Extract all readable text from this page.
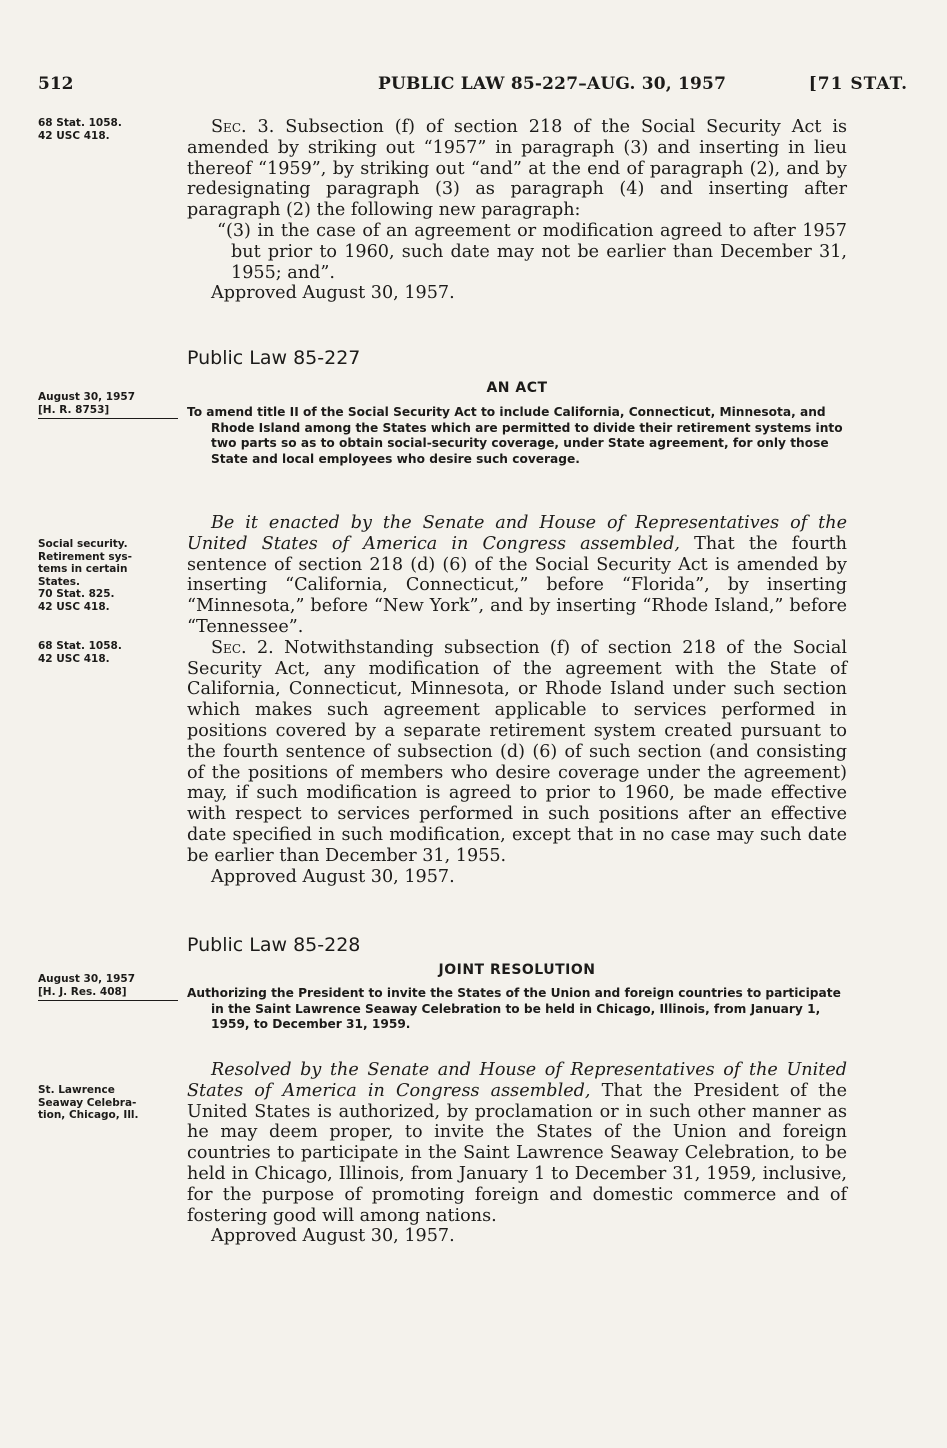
512	PUBLIC LAW 85-227–AUG. 30, 1957	[71 STAT.
68 Stat. 1058.
42 USC 418.	Sec. 3. Subsection (f) of section 218 of the Social Security Act is amended by striking out “1957” in paragraph (3) and inserting in lieu thereof “1959”, by striking out “and” at the end of paragraph (2), and by redesignating paragraph (3) as paragraph (4) and inserting after paragraph (2) the following new paragraph:

“(3) in the case of an agreement or modification agreed to after 1957 but prior to 1960, such date may not be earlier than December 31, 1955; and”.

Approved August 30, 1957.

Public Law 85-227
AN ACT
August 30, 1957
[H. R. 8753]	To amend title II of the Social Security Act to include California, Connecticut, Minnesota, and Rhode Island among the States which are permitted to divide their retirement systems into two parts so as to obtain social-security coverage, under State agreement, for only those State and local employees who desire such coverage.
Social security.
Retirement sys-
tems in certain
States.
70 Stat. 825.
42 USC 418.

Be it enacted by the Senate and House of Representatives of the United States of America in Congress assembled, That the fourth sentence of section 218 (d) (6) of the Social Security Act is amended by inserting “California, Connecticut,” before “Florida”, by inserting “Minnesota,” before “New York”, and by inserting “Rhode Island,” before “Tennessee”.

Sec. 2. Notwithstanding subsection (f) of section 218 of the Social Security Act, any modification of the agreement with the State of California, Connecticut, Minnesota, or Rhode Island under such section which makes such agreement applicable to services performed in positions covered by a separate retirement system created pursuant to the fourth sentence of subsection (d) (6) of such section (and consisting of the positions of members who desire coverage under the agreement) may, if such modification is agreed to prior to 1960, be made effective with respect to services performed in such positions after an effective date specified in such modification, except that in no case may such date be earlier than December 31, 1955.

Approved August 30, 1957.

68 Stat. 1058.
42 USC 418.
Public Law 85-228
JOINT RESOLUTION
August 30, 1957
[H. J. Res. 408]	Authorizing the President to invite the States of the Union and foreign countries to participate in the Saint Lawrence Seaway Celebration to be held in Chicago, Illinois, from January 1, 1959, to December 31, 1959.
St. Lawrence
Seaway Celebra-
tion, Chicago, Ill.

Resolved by the Senate and House of Representatives of the United States of America in Congress assembled, That the President of the United States is authorized, by proclamation or in such other manner as he may deem proper, to invite the States of the Union and foreign countries to participate in the Saint Lawrence Seaway Celebration, to be held in Chicago, Illinois, from January 1 to December 31, 1959, inclusive, for the purpose of promoting foreign and domestic commerce and of fostering good will among nations.

Approved August 30, 1957.
